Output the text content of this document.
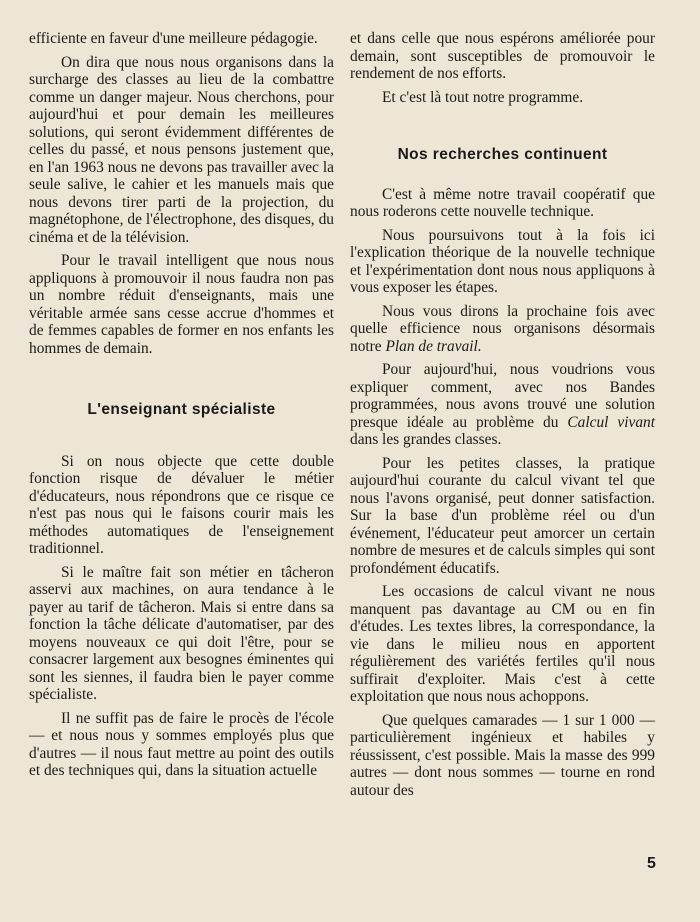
efficiente en faveur d'une meilleure pédagogie.

On dira que nous nous organisons dans la surcharge des classes au lieu de la combattre comme un danger majeur. Nous cherchons, pour aujourd'hui et pour demain les meilleures solutions, qui seront évidemment différentes de celles du passé, et nous pensons justement que, en l'an 1963 nous ne devons pas travailler avec la seule salive, le cahier et les manuels mais que nous devons tirer parti de la projection, du magnétophone, de l'électrophone, des disques, du cinéma et de la télévision.

Pour le travail intelligent que nous nous appliquons à promouvoir il nous faudra non pas un nombre réduit d'enseignants, mais une véritable armée sans cesse accrue d'hommes et de femmes capables de former en nos enfants les hommes de demain.

L'enseignant spécialiste

Si on nous objecte que cette double fonction risque de dévaluer le métier d'éducateurs, nous répondrons que ce risque ce n'est pas nous qui le faisons courir mais les méthodes automatiques de l'enseignement traditionnel.

Si le maître fait son métier en tâcheron asservi aux machines, on aura tendance à le payer au tarif de tâcheron. Mais si entre dans sa fonction la tâche délicate d'automatiser, par des moyens nouveaux ce qui doit l'être, pour se consacrer largement aux besognes éminentes qui sont les siennes, il faudra bien le payer comme spécialiste.

Il ne suffit pas de faire le procès de l'école — et nous nous y sommes employés plus que d'autres — il nous faut mettre au point des outils et des techniques qui, dans la situation actuelle

et dans celle que nous espérons améliorée pour demain, sont susceptibles de promouvoir le rendement de nos efforts.

Et c'est là tout notre programme.

Nos recherches continuent

C'est à même notre travail coopératif que nous roderons cette nouvelle technique.

Nous poursuivons tout à la fois ici l'explication théorique de la nouvelle technique et l'expérimentation dont nous nous appliquons à vous exposer les étapes.

Nous vous dirons la prochaine fois avec quelle efficience nous organisons désormais notre Plan de travail.

Pour aujourd'hui, nous voudrions vous expliquer comment, avec nos Bandes programmées, nous avons trouvé une solution presque idéale au problème du Calcul vivant dans les grandes classes.

Pour les petites classes, la pratique aujourd'hui courante du calcul vivant tel que nous l'avons organisé, peut donner satisfaction. Sur la base d'un problème réel ou d'un événement, l'éducateur peut amorcer un certain nombre de mesures et de calculs simples qui sont profondément éducatifs.

Les occasions de calcul vivant ne nous manquent pas davantage au CM ou en fin d'études. Les textes libres, la correspondance, la vie dans le milieu nous en apportent régulièrement des variétés fertiles qu'il nous suffirait d'exploiter. Mais c'est à cette exploitation que nous nous achoppons.

Que quelques camarades — 1 sur 1 000 — particulièrement ingénieux et habiles y réussissent, c'est possible. Mais la masse des 999 autres — dont nous sommes — tourne en rond autour des

5
